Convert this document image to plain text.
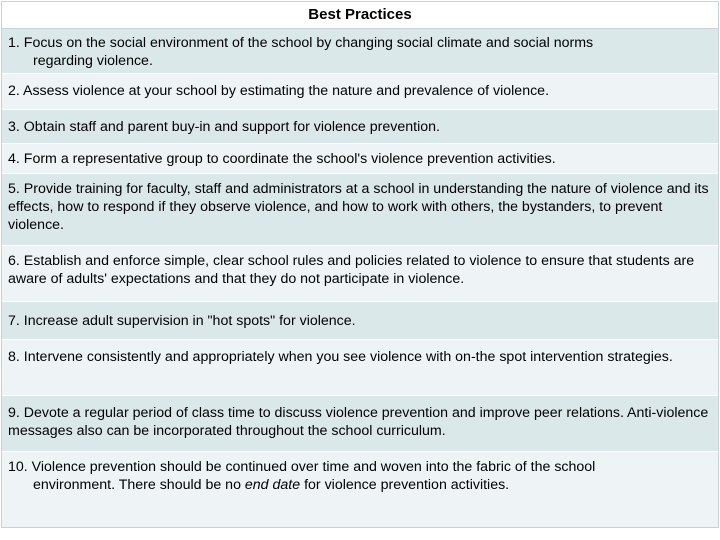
Best Practices
1. Focus on the social environment of the school by changing social climate and social norms
regarding violence.
2. Assess violence at your school by estimating the nature and prevalence of violence.
3. Obtain staff and parent buy-in and support for violence prevention.
4. Form a representative group to coordinate the school's violence prevention activities.
5. Provide training for faculty, staff and administrators at a school in understanding the nature of violence and its effects, how to respond if they observe violence, and how to work with others, the bystanders, to prevent violence.
6. Establish and enforce simple, clear school rules and policies related to violence to ensure that students are aware of adults' expectations and that they do not participate in violence.
7. Increase adult supervision in "hot spots" for violence.
8. Intervene consistently and appropriately when you see violence with on-the spot intervention strategies.
9. Devote a regular period of class time to discuss violence prevention and improve peer relations. Anti-violence messages also can be incorporated throughout the school curriculum.
10. Violence prevention should be continued over time and woven into the fabric of the school
environment. There should be no end date for violence prevention activities.
